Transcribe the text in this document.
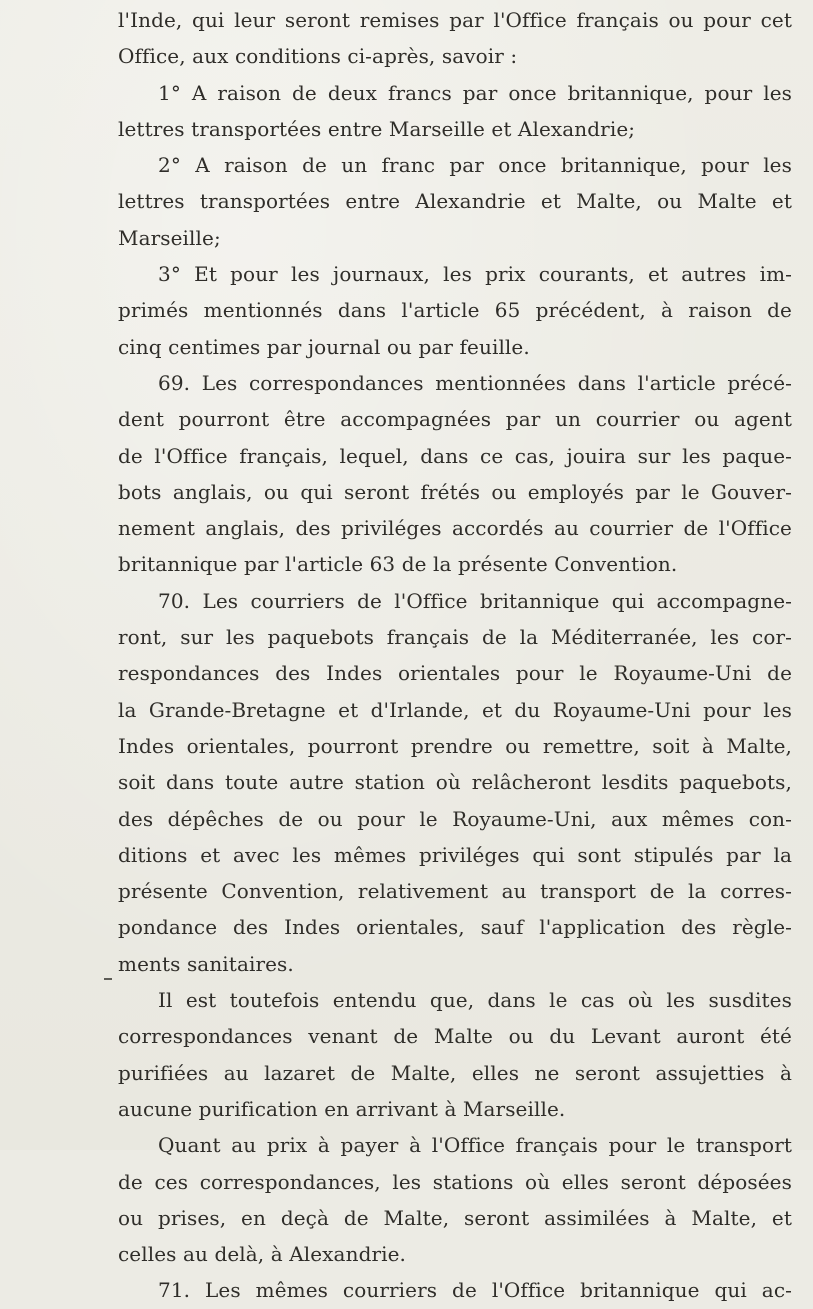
l'Inde, qui leur seront remises par l'Office français ou pour cet
Office, aux conditions ci-après, savoir :
1° A raison de deux francs par once britannique, pour les
lettres transportées entre Marseille et Alexandrie;
2° A raison de un franc par once britannique, pour les
lettres transportées entre Alexandrie et Malte, ou Malte et
Marseille;
3° Et pour les journaux, les prix courants, et autres im-
primés mentionnés dans l'article 65 précédent, à raison de
cinq centimes par journal ou par feuille.
69. Les correspondances mentionnées dans l'article précé-
dent pourront être accompagnées par un courrier ou agent
de l'Office français, lequel, dans ce cas, jouira sur les paque-
bots anglais, ou qui seront frétés ou employés par le Gouver-
nement anglais, des priviléges accordés au courrier de l'Office
britannique par l'article 63 de la présente Convention.
70. Les courriers de l'Office britannique qui accompagne-
ront, sur les paquebots français de la Méditerranée, les cor-
respondances des Indes orientales pour le Royaume-Uni de
la Grande-Bretagne et d'Irlande, et du Royaume-Uni pour les
Indes orientales, pourront prendre ou remettre, soit à Malte,
soit dans toute autre station où relâcheront lesdits paquebots,
des dépêches de ou pour le Royaume-Uni, aux mêmes con-
ditions et avec les mêmes priviléges qui sont stipulés par la
présente Convention, relativement au transport de la corres-
pondance des Indes orientales, sauf l'application des règle-
ments sanitaires.
Il est toutefois entendu que, dans le cas où les susdites
correspondances venant de Malte ou du Levant auront été
purifiées au lazaret de Malte, elles ne seront assujetties à
aucune purification en arrivant à Marseille.
Quant au prix à payer à l'Office français pour le transport
de ces correspondances, les stations où elles seront déposées
ou prises, en deçà de Malte, seront assimilées à Malte, et
celles au delà, à Alexandrie.
71. Les mêmes courriers de l'Office britannique qui ac-
